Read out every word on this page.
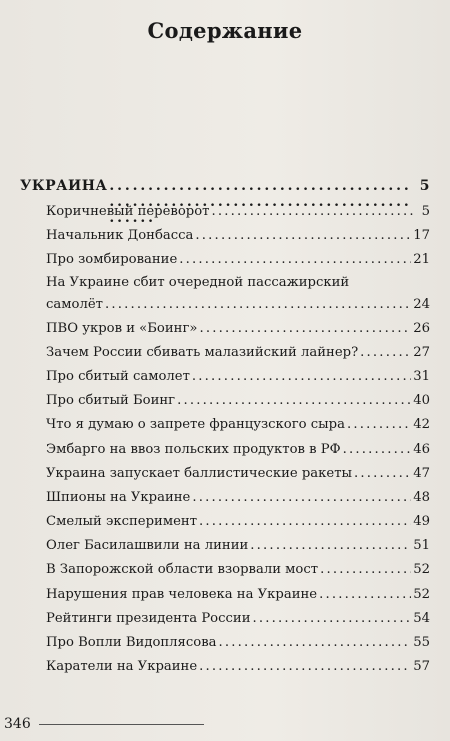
Содержание
УКРАИНА . . .	5
Коричневый переворот . . .	5
Начальник Донбасса . . .	17
Про зомбирование . . .	21
На Украине сбит очередной пассажирский
самолёт . . .	24
ПВО укров и «Боинг» . . .	26
Зачем России сбивать малазийский лайнер? . . .	27
Про сбитый самолет . . .	31
Про сбитый Боинг . . .	40
Что я думаю о запрете французского сыра . . .	42
Эмбарго на ввоз польских продуктов в РФ . . .	46
Украина запускает баллистические ракеты . . .	47
Шпионы на Украине . . .	48
Смелый эксперимент . . .	49
Олег Басилашвили на линии . . .	51
В Запорожской области взорвали мост . . .	52
Нарушения прав человека на Украине . . .	52
Рейтинги президента России . . .	54
Про Вопли Видоплясова . . .	55
Каратели на Украине . . .	57
346
